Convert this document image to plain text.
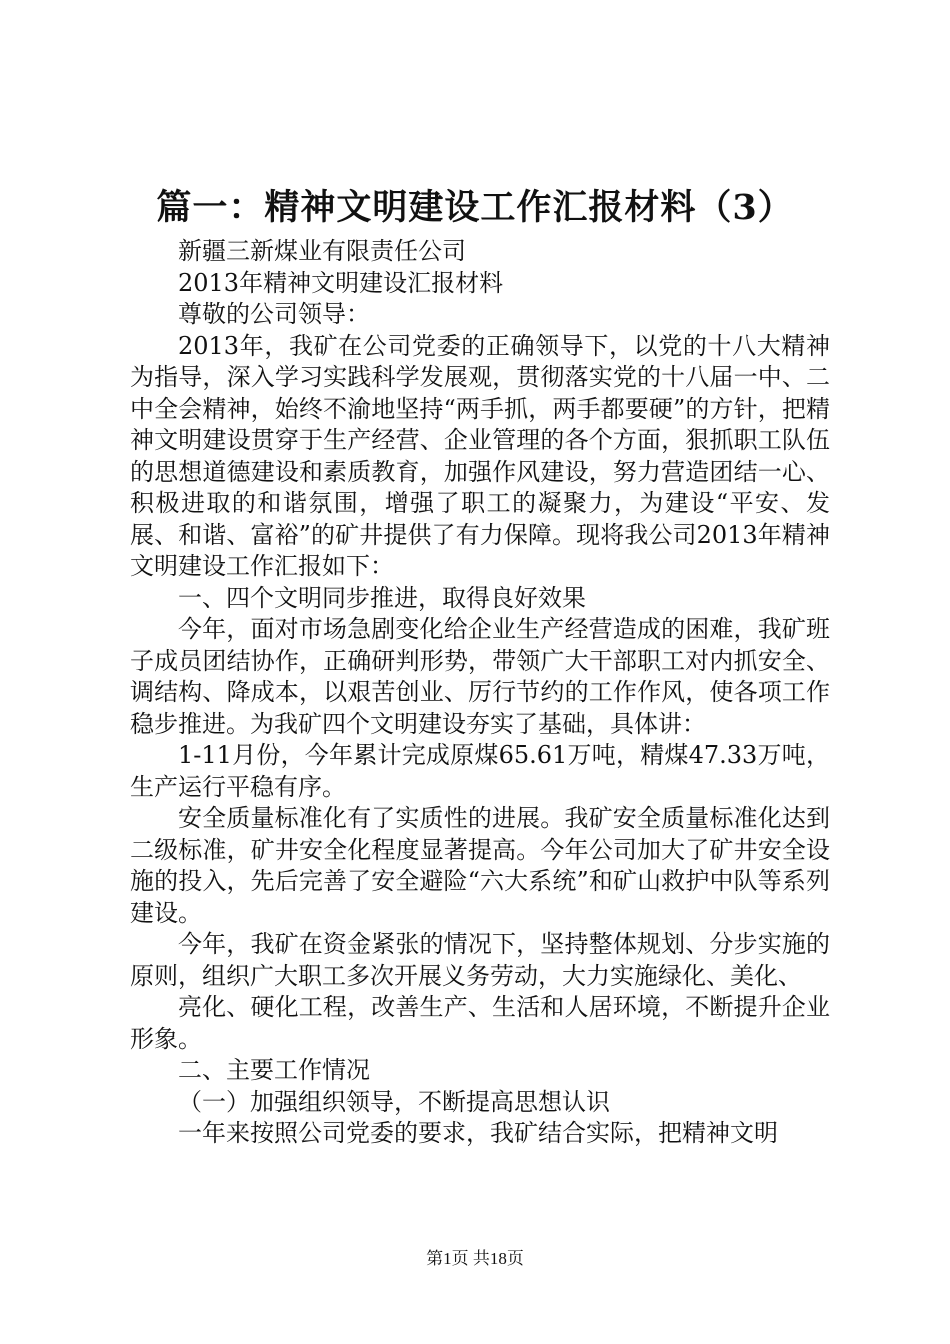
篇一：精神文明建设工作汇报材料（3）

新疆三新煤业有限责任公司

2013年精神文明建设汇报材料

尊敬的公司领导：

2013年，我矿在公司党委的正确领导下，以党的十八大精神为指导，深入学习实践科学发展观，贯彻落实党的十八届一中、二中全会精神，始终不渝地坚持“两手抓，两手都要硬”的方针，把精神文明建设贯穿于生产经营、企业管理的各个方面，狠抓职工队伍的思想道德建设和素质教育，加强作风建设，努力营造团结一心、积极进取的和谐氛围，增强了职工的凝聚力，为建设“平安、发展、和谐、富裕”的矿井提供了有力保障。现将我公司2013年精神文明建设工作汇报如下：

一、四个文明同步推进，取得良好效果

今年，面对市场急剧变化给企业生产经营造成的困难，我矿班子成员团结协作，正确研判形势，带领广大干部职工对内抓安全、调结构、降成本，以艰苦创业、厉行节约的工作作风，使各项工作稳步推进。为我矿四个文明建设夯实了基础，具体讲：

1-11月份，今年累计完成原煤65.61万吨，精煤47.33万吨，生产运行平稳有序。

安全质量标准化有了实质性的进展。我矿安全质量标准化达到二级标准，矿井安全化程度显著提高。今年公司加大了矿井安全设施的投入，先后完善了安全避险“六大系统”和矿山救护中队等系列建设。

今年，我矿在资金紧张的情况下，坚持整体规划、分步实施的原则，组织广大职工多次开展义务劳动，大力实施绿化、美化、

亮化、硬化工程，改善生产、生活和人居环境，不断提升企业形象。

二、主要工作情况

（一）加强组织领导，不断提高思想认识

一年来按照公司党委的要求，我矿结合实际，把精神文明

第1页 共18页
